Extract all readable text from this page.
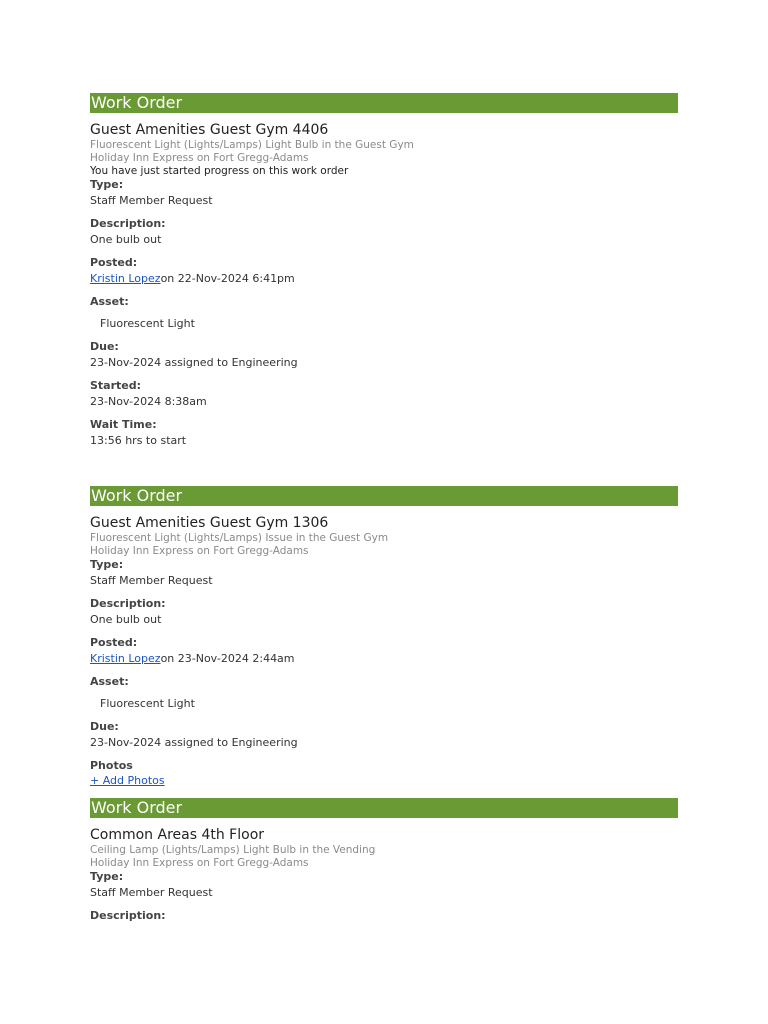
Work Order
Guest Amenities Guest Gym 4406
Fluorescent Light (Lights/Lamps) Light Bulb in the Guest Gym
Holiday Inn Express on Fort Gregg-Adams
You have just started progress on this work order
Type:
Staff Member Request
Description:
One bulb out
Posted:
Kristin Lopezon 22-Nov-2024 6:41pm
Asset:
Fluorescent Light
Due:
23-Nov-2024 assigned to Engineering
Started:
23-Nov-2024 8:38am
Wait Time:
13:56 hrs to start
Work Order
Guest Amenities Guest Gym 1306
Fluorescent Light (Lights/Lamps) Issue in the Guest Gym
Holiday Inn Express on Fort Gregg-Adams
Type:
Staff Member Request
Description:
One bulb out
Posted:
Kristin Lopezon 23-Nov-2024 2:44am
Asset:
Fluorescent Light
Due:
23-Nov-2024 assigned to Engineering
Photos
+ Add Photos
Work Order
Common Areas 4th Floor
Ceiling Lamp (Lights/Lamps) Light Bulb in the Vending
Holiday Inn Express on Fort Gregg-Adams
Type:
Staff Member Request
Description:
